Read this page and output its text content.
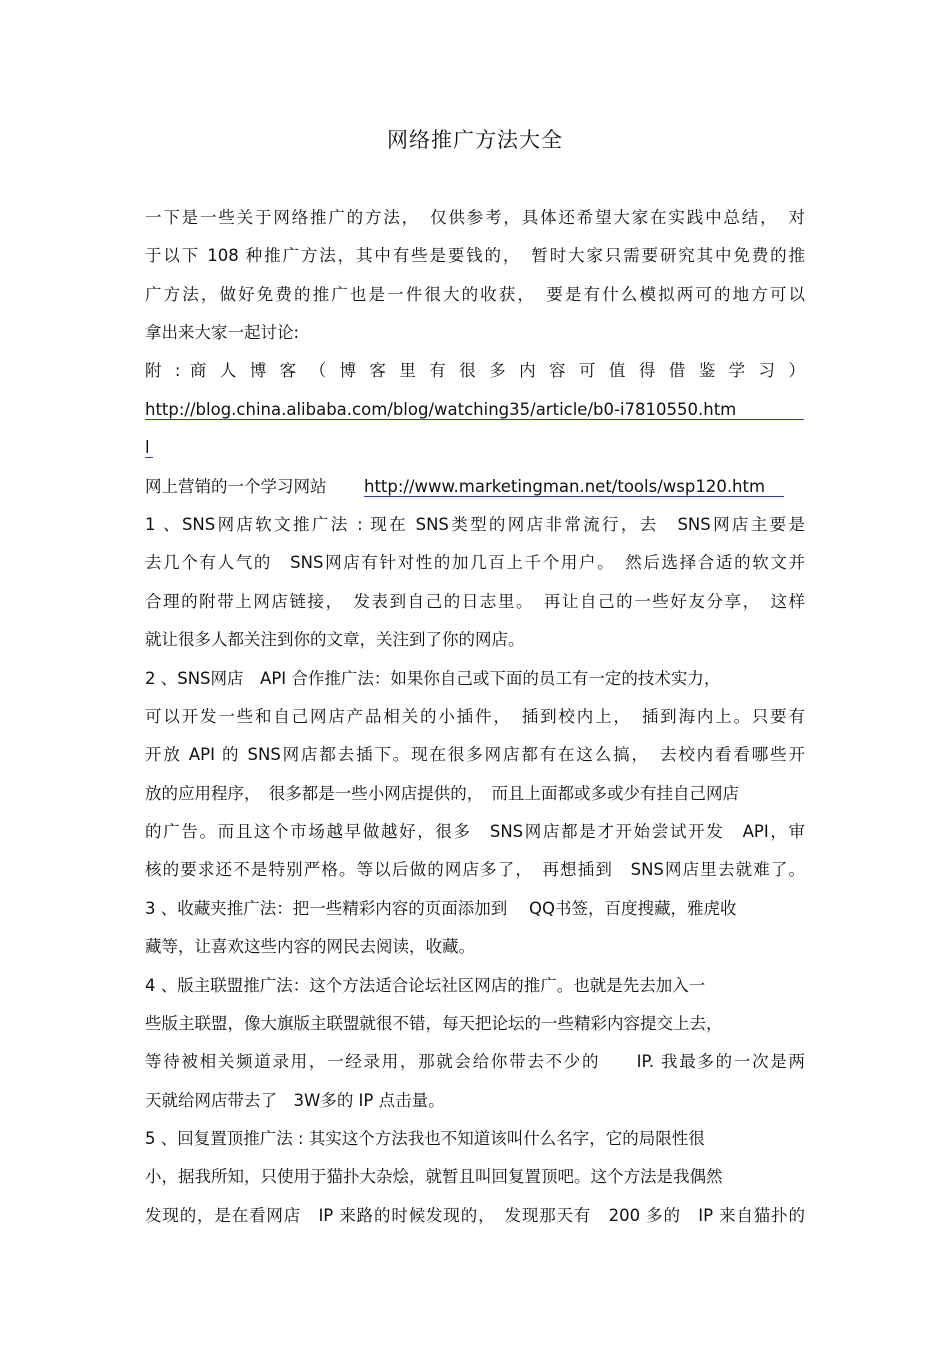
网络推广方法大全
一下是一些关于网络推广的方法，　仅供参考，具体还希望大家在实践中总结，　对
于以下 108 种推广方法，其中有些是要钱的，　暂时大家只需要研究其中免费的推
广方法，做好免费的推广也是一件很大的收获，　要是有什么模拟两可的地方可以
拿出来大家一起讨论:
附 : 商 人 博 客 （ 博 客 里 有 很 多 内 容 可 值 得 借 鉴 学 习 ）
http://blog.china.alibaba.com/blog/watching35/article/b0-i7810550.htm
l
网上营销的一个学习网站	http://www.marketingman.net/tools/wsp120.htm
1 、SNS网店软文推广法 : 现在 SNS类型的网店非常流行，去　SNS网店主要是
去几个有人气的　SNS网店有针对性的加几百上千个用户。　然后选择合适的软文并
合理的附带上网店链接，　发表到自己的日志里。　再让自己的一些好友分享，　这样
就让很多人都关注到你的文章，关注到了你的网店。
2 、SNS网店　API 合作推广法：如果你自己或下面的员工有一定的技术实力，
可以开发一些和自己网店产品相关的小插件，　插到校内上，　插到海内上。只要有
开放 API 的 SNS网店都去插下。现在很多网店都有在这么搞，　去校内看看哪些开
放的应用程序，　很多都是一些小网店提供的，　而且上面都或多或少有挂自己网店
的广告。而且这个市场越早做越好，很多　SNS网店都是才开始尝试开发　API，审
核的要求还不是特别严格。等以后做的网店多了，　再想插到　SNS网店里去就难了。
3 、收藏夹推广法：把一些精彩内容的页面添加到　 QQ书签，百度搜藏，雅虎收
藏等，让喜欢这些内容的网民去阅读，收藏。
4 、版主联盟推广法：这个方法适合论坛社区网店的推广。也就是先去加入一
些版主联盟，像大旗版主联盟就很不错，每天把论坛的一些精彩内容提交上去，
等待被相关频道录用，一经录用，那就会给你带去不少的　　IP. 我最多的一次是两
天就给网店带去了　3W多的 IP 点击量。
5 、回复置顶推广法 : 其实这个方法我也不知道该叫什么名字，它的局限性很
小，据我所知，只使用于猫扑大杂烩，就暂且叫回复置顶吧。这个方法是我偶然
发现的，是在看网店　IP 来路的时候发现的，　发现那天有　200 多的　IP 来自猫扑的
